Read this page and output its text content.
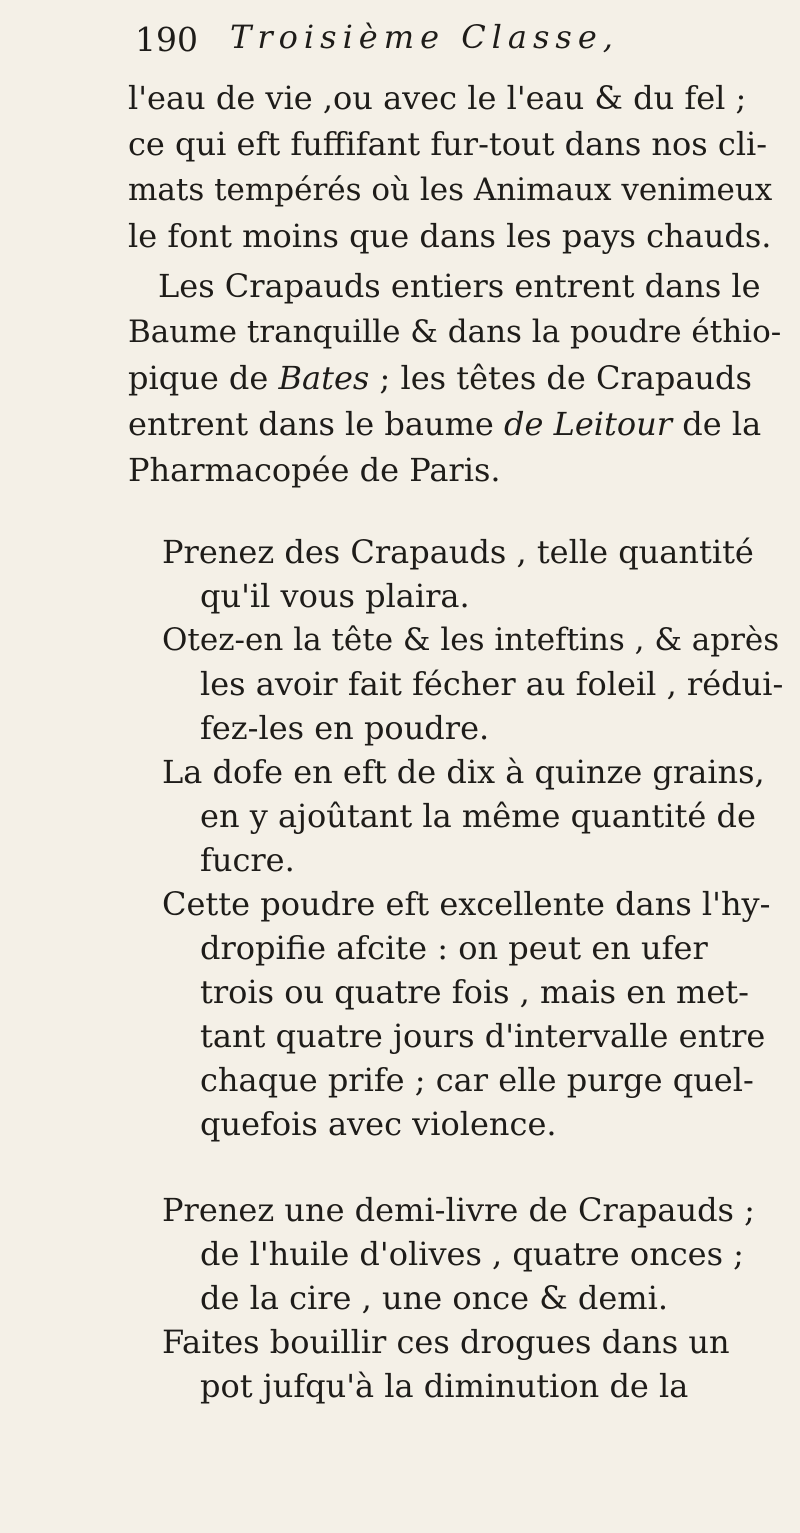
190 Troisième Classe,
l'eau de vie ,ou avec le l'eau & du fel ;
ce qui eft fuffifant fur-tout dans nos cli-
mats tempérés où les Animaux venimeux
le font moins que dans les pays chauds.
Les Crapauds entiers entrent dans le
Baume tranquille & dans la poudre éthio-
pique de Bates ; les têtes de Crapauds
entrent dans le baume de Leitour de la
Pharmacopée de Paris.
Prenez des Crapauds , telle quantité
qu'il vous plaira.
Otez-en la tête & les inteftins , & après
les avoir fait fécher au foleil , rédui-
fez-les en poudre.
La dofe en eft de dix à quinze grains,
en y ajoûtant la même quantité de
fucre.
Cette poudre eft excellente dans l'hy-
dropifie afcite : on peut en ufer
trois ou quatre fois , mais en met-
tant quatre jours d'intervalle entre
chaque prife ; car elle purge quel-
quefois avec violence.
Prenez une demi-livre de Crapauds ;
de l'huile d'olives , quatre onces ;
de la cire , une once & demi.
Faites bouillir ces drogues dans un
pot jufqu'à la diminution de la
